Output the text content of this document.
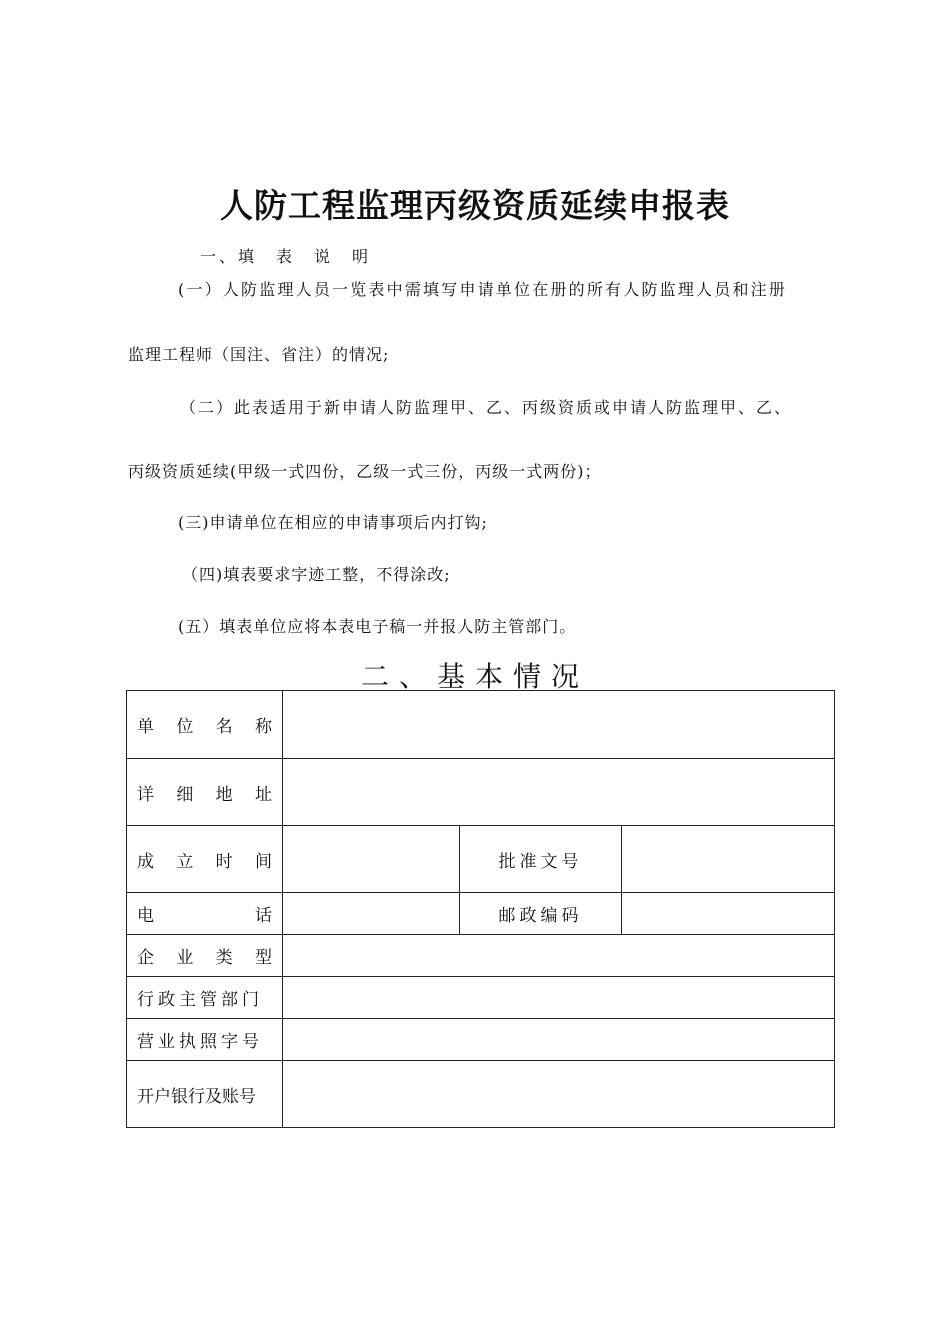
人防工程监理丙级资质延续申报表
一、填　表　说　明
(一）人防监理人员一览表中需填写申请单位在册的所有人防监理人员和注册
监理工程师（国注、省注）的情况;
（二）此表适用于新申请人防监理甲、乙、丙级资质或申请人防监理甲、乙、
丙级资质延续(甲级一式四份，乙级一式三份，丙级一式两份)；
(三)申请单位在相应的申请事项后内打钩;
（四)填表要求字迹工整，不得涂改;
(五）填表单位应将本表电子稿一并报人防主管部门。
二、基本情况
单 位 名 称			

详 细 地 址			

成 立 时 间		批准文号	

电 话		邮政编码	

企 业 类 型			

行政主管部门			
营业执照字号			
开户银行及账号			
